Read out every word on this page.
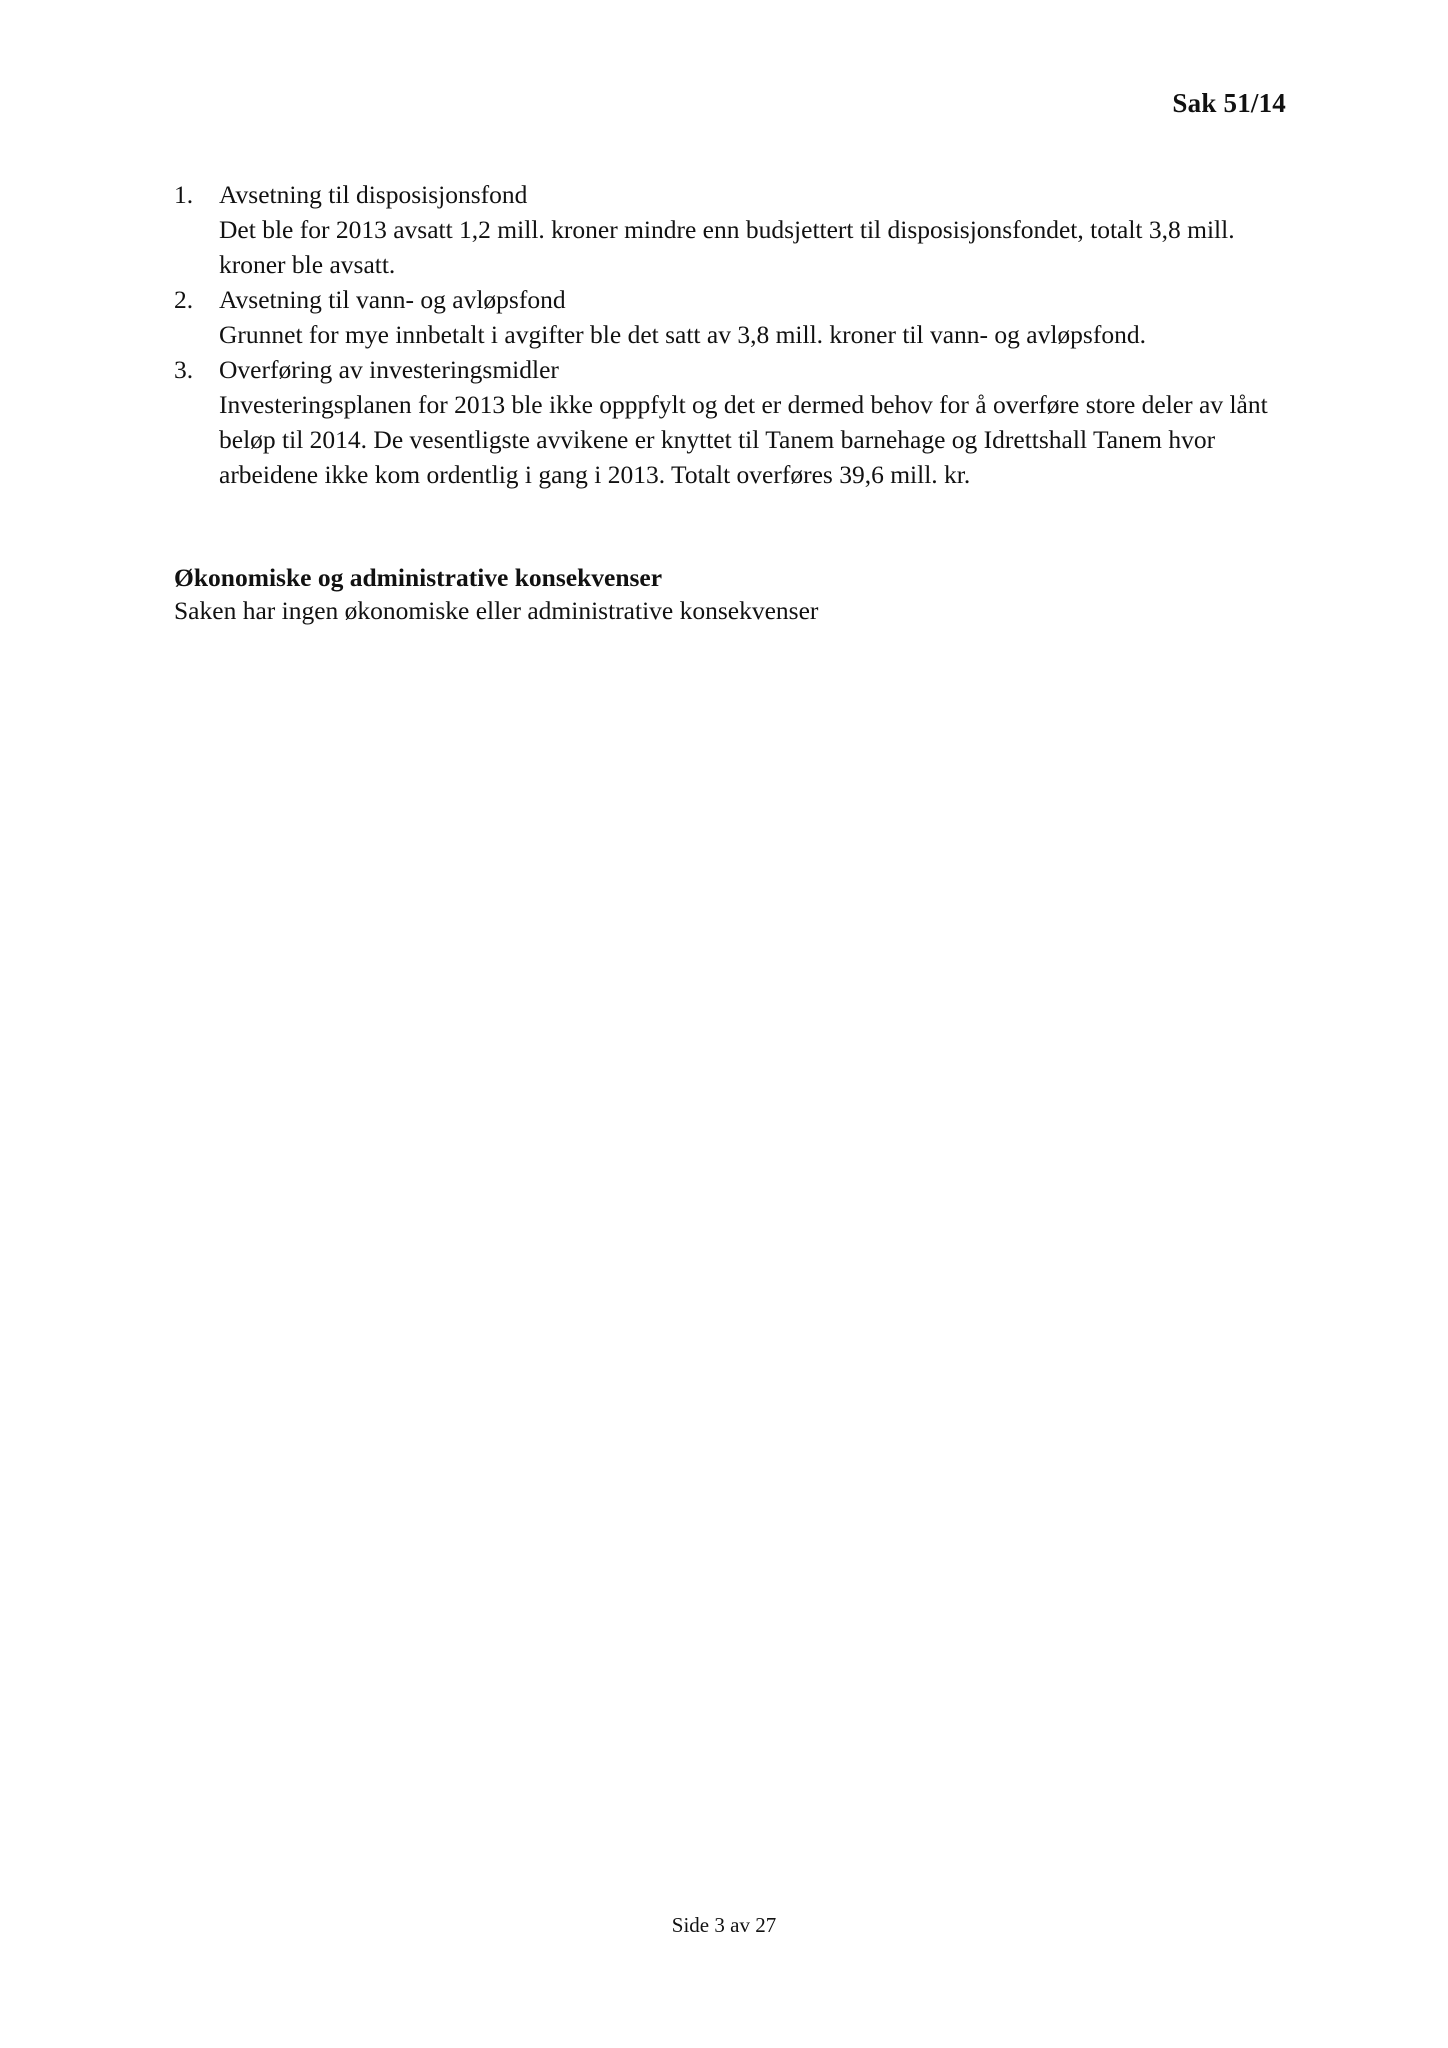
Sak 51/14
1. Avsetning til disposisjonsfond
Det ble for 2013 avsatt 1,2 mill. kroner mindre enn budsjettert til disposisjonsfondet, totalt 3,8 mill. kroner ble avsatt.
2. Avsetning til vann- og avløpsfond
Grunnet for mye innbetalt i avgifter ble det satt av 3,8 mill. kroner til vann- og avløpsfond.
3. Overføring av investeringsmidler
Investeringsplanen for 2013 ble ikke opppfylt og det er dermed behov for å overføre store deler av lånt beløp til 2014. De vesentligste avvikene er knyttet til Tanem barnehage og Idrettshall Tanem hvor arbeidene ikke kom ordentlig i gang i 2013. Totalt overføres 39,6 mill. kr.
Økonomiske og administrative konsekvenser
Saken har ingen økonomiske eller administrative konsekvenser
Side 3 av 27
